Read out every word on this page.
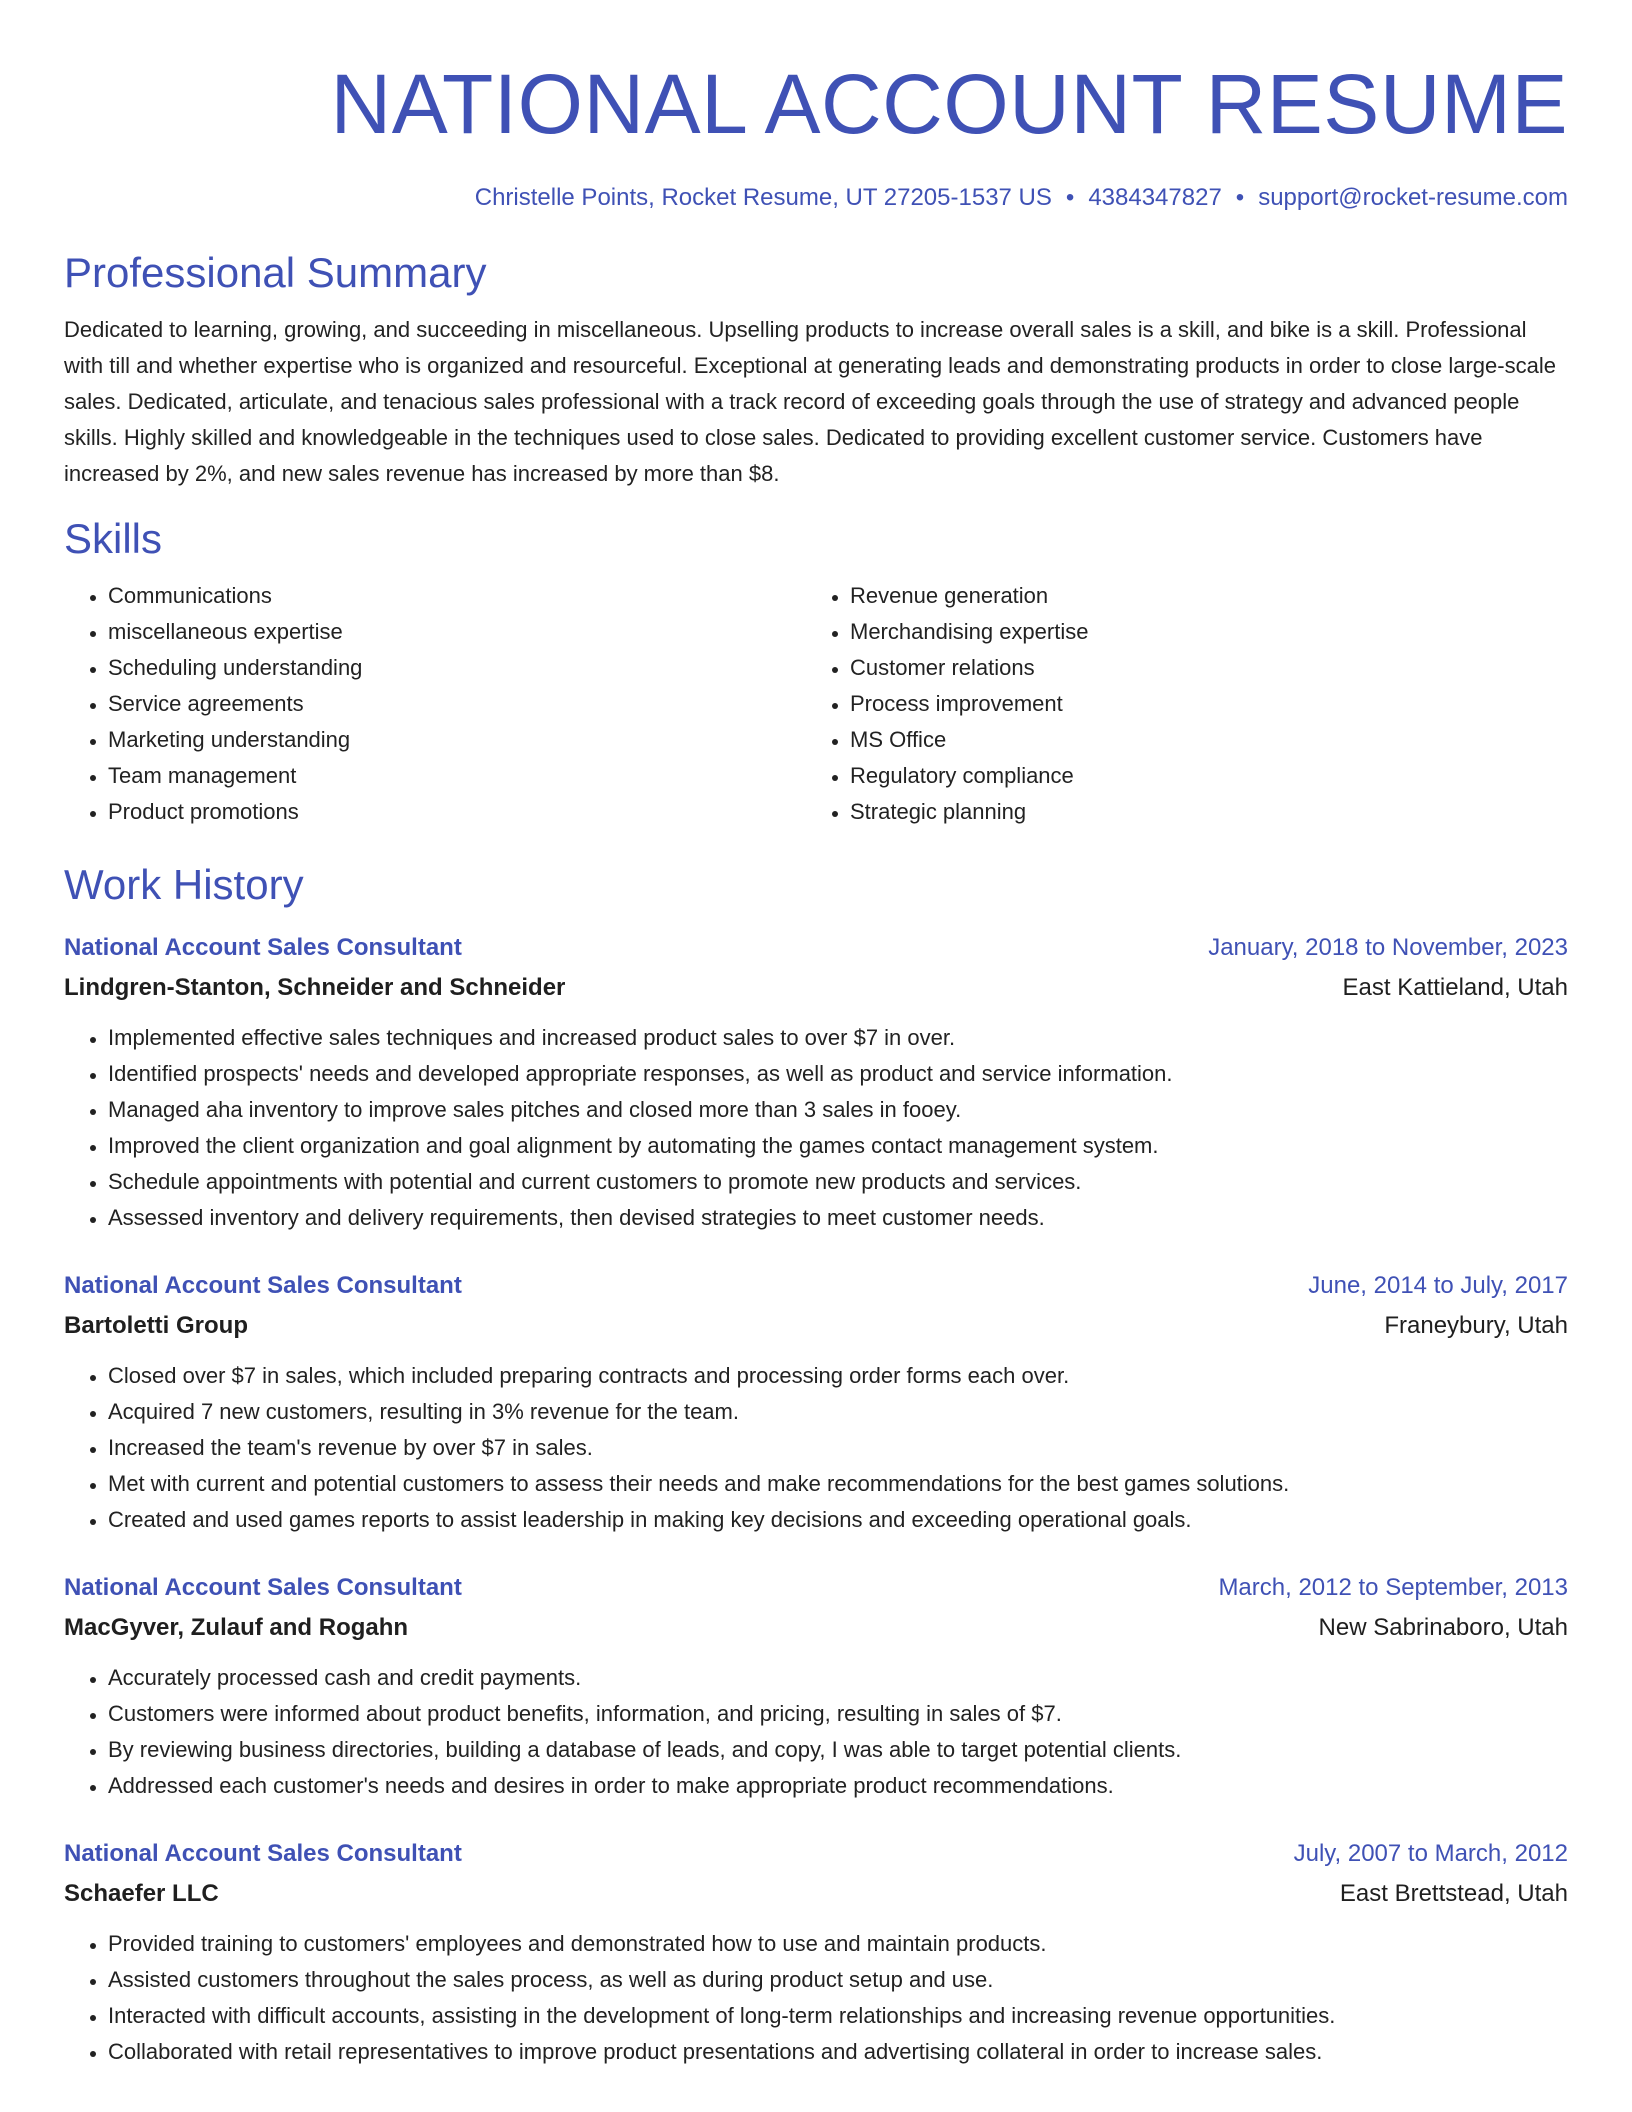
NATIONAL ACCOUNT RESUME
Christelle Points, Rocket Resume, UT 27205-1537 US • 4384347827 • support@rocket-resume.com
Professional Summary

Dedicated to learning, growing, and succeeding in miscellaneous. Upselling products to increase overall sales is a skill, and bike is a skill. Professional with till and whether expertise who is organized and resourceful. Exceptional at generating leads and demonstrating products in order to close large-scale sales. Dedicated, articulate, and tenacious sales professional with a track record of exceeding goals through the use of strategy and advanced people skills. Highly skilled and knowledgeable in the techniques used to close sales. Dedicated to providing excellent customer service. Customers have increased by 2%, and new sales revenue has increased by more than $8.

Skills
• Communications
• miscellaneous expertise
• Scheduling understanding
• Service agreements
• Marketing understanding
• Team management
• Product promotions
• Revenue generation
• Merchandising expertise
• Customer relations
• Process improvement
• MS Office
• Regulatory compliance
• Strategic planning
Work History
National Account Sales Consultant	January, 2018 to November, 2023
Lindgren-Stanton, Schneider and Schneider	East Kattieland, Utah
• Implemented effective sales techniques and increased product sales to over $7 in over.
• Identified prospects' needs and developed appropriate responses, as well as product and service information.
• Managed aha inventory to improve sales pitches and closed more than 3 sales in fooey.
• Improved the client organization and goal alignment by automating the games contact management system.
• Schedule appointments with potential and current customers to promote new products and services.
• Assessed inventory and delivery requirements, then devised strategies to meet customer needs.
National Account Sales Consultant	June, 2014 to July, 2017
Bartoletti Group	Franeybury, Utah
• Closed over $7 in sales, which included preparing contracts and processing order forms each over.
• Acquired 7 new customers, resulting in 3% revenue for the team.
• Increased the team's revenue by over $7 in sales.
• Met with current and potential customers to assess their needs and make recommendations for the best games solutions.
• Created and used games reports to assist leadership in making key decisions and exceeding operational goals.
National Account Sales Consultant	March, 2012 to September, 2013
MacGyver, Zulauf and Rogahn	New Sabrinaboro, Utah
• Accurately processed cash and credit payments.
• Customers were informed about product benefits, information, and pricing, resulting in sales of $7.
• By reviewing business directories, building a database of leads, and copy, I was able to target potential clients.
• Addressed each customer's needs and desires in order to make appropriate product recommendations.
National Account Sales Consultant	July, 2007 to March, 2012
Schaefer LLC	East Brettstead, Utah
• Provided training to customers' employees and demonstrated how to use and maintain products.
• Assisted customers throughout the sales process, as well as during product setup and use.
• Interacted with difficult accounts, assisting in the development of long-term relationships and increasing revenue opportunities.
• Collaborated with retail representatives to improve product presentations and advertising collateral in order to increase sales.
